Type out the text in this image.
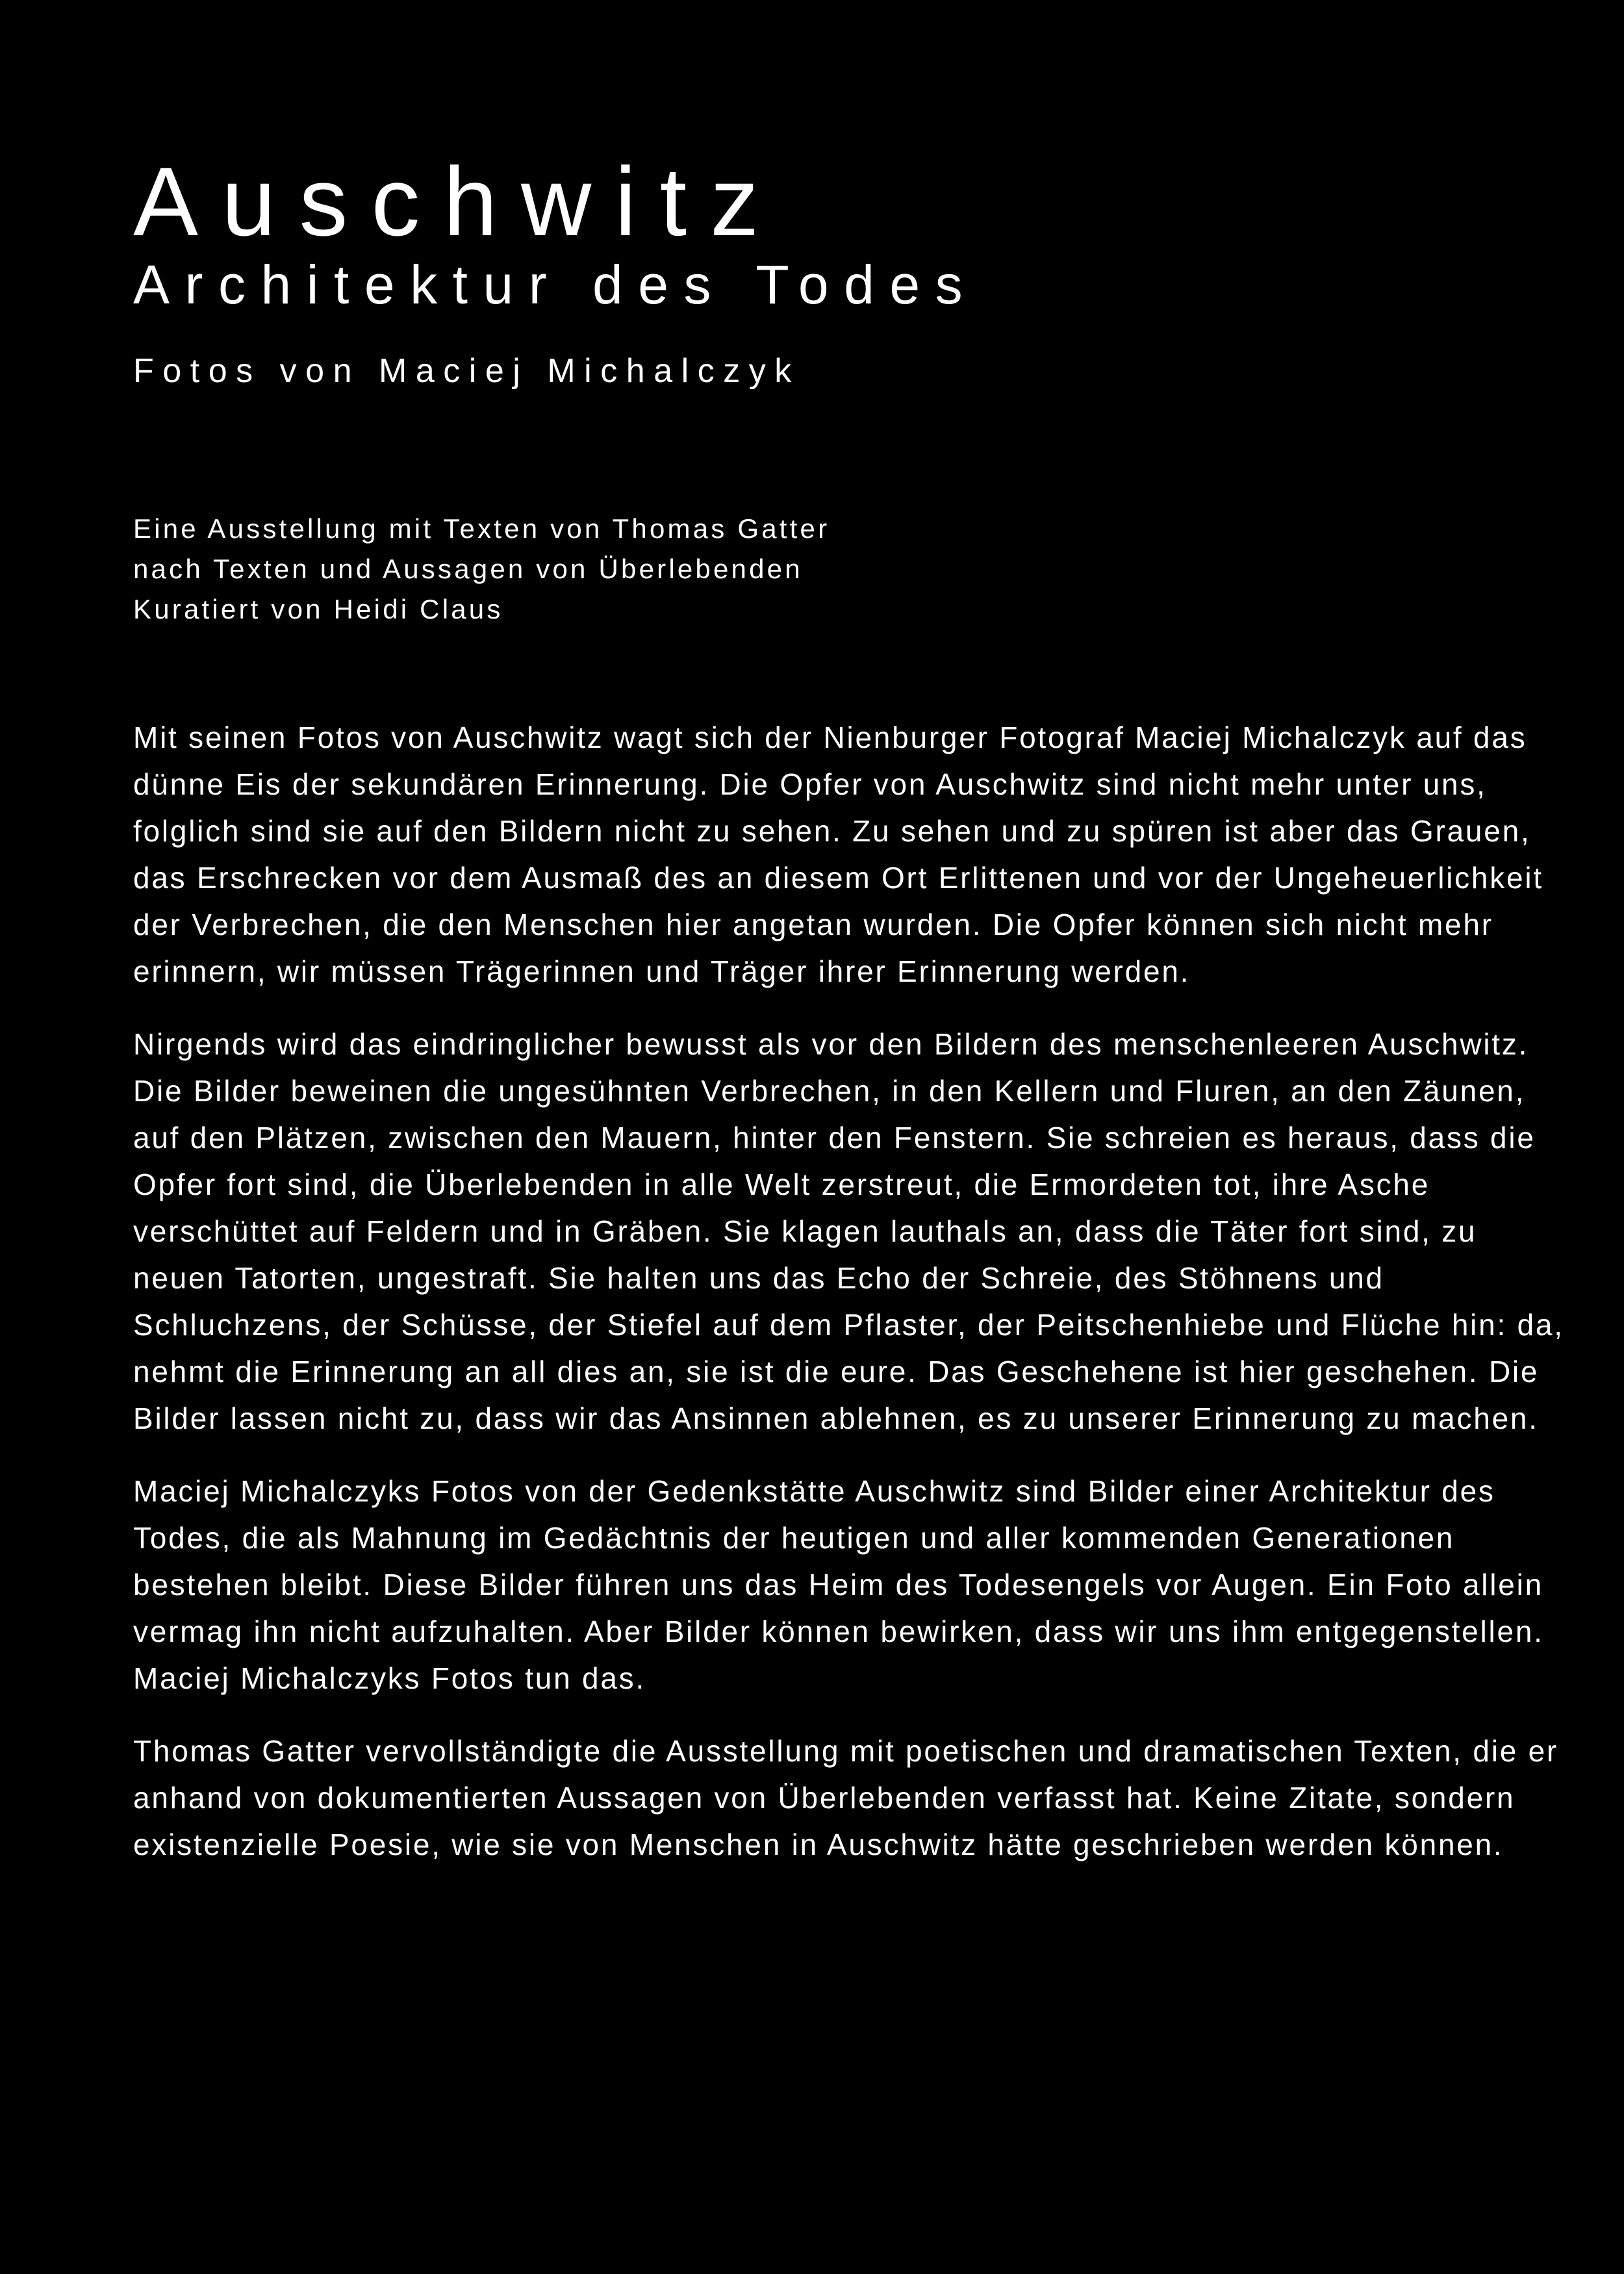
Auschwitz
Architektur des Todes
Fotos von Maciej Michalczyk

Eine Ausstellung mit Texten von Thomas Gatter

nach Texten und Aussagen von Überlebenden

Kuratiert von Heidi Claus

Mit seinen Fotos von Auschwitz wagt sich der Nienburger Fotograf Maciej Michalczyk auf das dünne Eis der sekundären Erinnerung. Die Opfer von Auschwitz sind nicht mehr unter uns, folglich sind sie auf den Bildern nicht zu sehen. Zu sehen und zu spüren ist aber das Grauen, das Erschrecken vor dem Ausmaß des an diesem Ort Erlittenen und vor der Ungeheuerlichkeit der Verbrechen, die den Menschen hier angetan wurden. Die Opfer können sich nicht mehr erinnern, wir müssen Trägerinnen und Träger ihrer Erinnerung werden.

Nirgends wird das eindringlicher bewusst als vor den Bildern des menschenleeren Auschwitz. Die Bilder beweinen die ungesühnten Verbrechen, in den Kellern und Fluren, an den Zäunen, auf den Plätzen, zwischen den Mauern, hinter den Fenstern. Sie schreien es heraus, dass die Opfer fort sind, die Überlebenden in alle Welt zerstreut, die Ermordeten tot, ihre Asche verschüttet auf Feldern und in Gräben. Sie klagen lauthals an, dass die Täter fort sind, zu neuen Tatorten, ungestraft. Sie halten uns das Echo der Schreie, des Stöhnens und Schluchzens, der Schüsse, der Stiefel auf dem Pflaster, der Peitschenhiebe und Flüche hin: da, nehmt die Erinnerung an all dies an, sie ist die eure. Das Geschehene ist hier geschehen. Die Bilder lassen nicht zu, dass wir das Ansinnen ablehnen, es zu unserer Erinnerung zu machen.

Maciej Michalczyks Fotos von der Gedenkstätte Auschwitz sind Bilder einer Architektur des Todes, die als Mahnung im Gedächtnis der heutigen und aller kommenden Generationen bestehen bleibt. Diese Bilder führen uns das Heim des Todesengels vor Augen. Ein Foto allein vermag ihn nicht aufzuhalten. Aber Bilder können bewirken, dass wir uns ihm entgegenstellen. Maciej Michalczyks Fotos tun das.

Thomas Gatter vervollständigte die Ausstellung mit poetischen und dramatischen Texten, die er anhand von dokumentierten Aussagen von Überlebenden verfasst hat. Keine Zitate, sondern existenzielle Poesie, wie sie von Menschen in Auschwitz hätte geschrieben werden können.
